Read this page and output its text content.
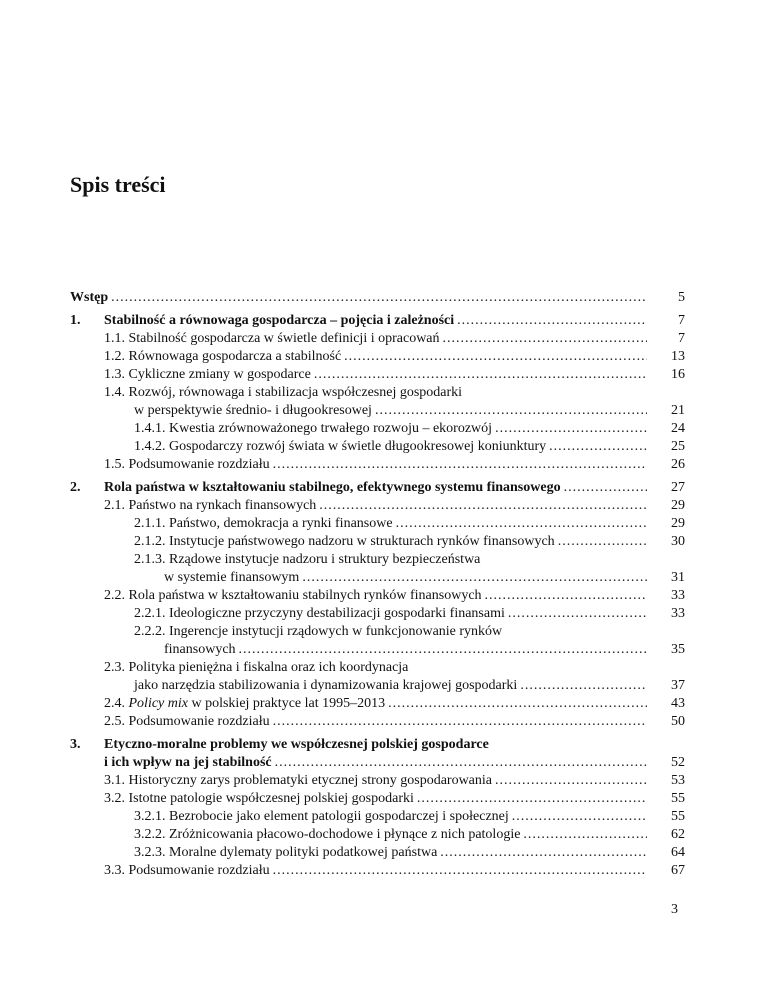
Spis treści
Wstęp .....	5
1. Stabilność a równowaga gospodarcza – pojęcia i zależności .....	7
1.1. Stabilność gospodarcza w świetle definicji i opracowań .....	7
1.2. Równowaga gospodarcza a stabilność .....	13
1.3. Cykliczne zmiany w gospodarce .....	16
1.4. Rozwój, równowaga i stabilizacja współczesnej gospodarki
w perspektywie średnio- i długookresowej .....	21
1.4.1. Kwestia zrównoważonego trwałego rozwoju – ekorozwój .....	24
1.4.2. Gospodarczy rozwój świata w świetle długookresowej koniunktury .....	25
1.5. Podsumowanie rozdziału .....	26
2. Rola państwa w kształtowaniu stabilnego, efektywnego systemu finansowego .....	27
2.1. Państwo na rynkach finansowych .....	29
2.1.1. Państwo, demokracja a rynki finansowe .....	29
2.1.2. Instytucje państwowego nadzoru w strukturach rynków finansowych .....	30
2.1.3. Rządowe instytucje nadzoru i struktury bezpieczeństwa
w systemie finansowym .....	31
2.2. Rola państwa w kształtowaniu stabilnych rynków finansowych .....	33
2.2.1. Ideologiczne przyczyny destabilizacji gospodarki finansami .....	33
2.2.2. Ingerencje instytucji rządowych w funkcjonowanie rynków
finansowych .....	35
2.3. Polityka pieniężna i fiskalna oraz ich koordynacja
jako narzędzia stabilizowania i dynamizowania krajowej gospodarki .....	37
2.4. Policy mix w polskiej praktyce lat 1995–2013 .....	43
2.5. Podsumowanie rozdziału .....	50
3. Etyczno-moralne problemy we współczesnej polskiej gospodarce
i ich wpływ na jej stabilność .....	52
3.1. Historyczny zarys problematyki etycznej strony gospodarowania .....	53
3.2. Istotne patologie współczesnej polskiej gospodarki .....	55
3.2.1. Bezrobocie jako element patologii gospodarczej i społecznej .....	55
3.2.2. Zróżnicowania płacowo-dochodowe i płynące z nich patologie .....	62
3.2.3. Moralne dylematy polityki podatkowej państwa .....	64
3.3. Podsumowanie rozdziału .....	67
3
